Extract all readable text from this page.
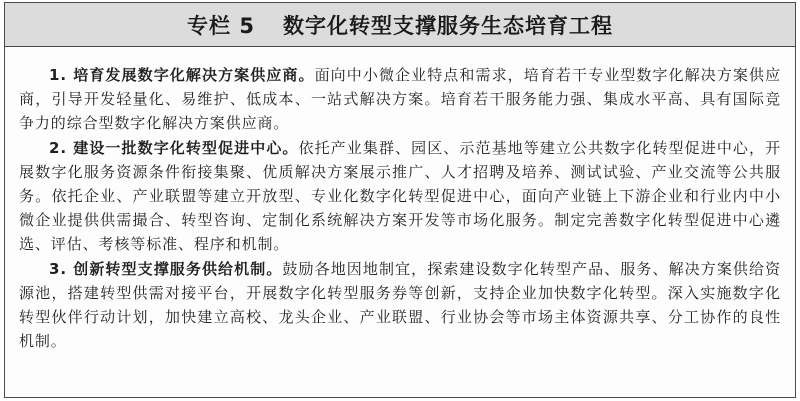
专栏 5 数字化转型支撑服务生态培育工程

1. 培育发展数字化解决方案供应商。面向中小微企业特点和需求，培育若干专业型数字化解决方案供应商，引导开发轻量化、易维护、低成本、一站式解决方案。培育若干服务能力强、集成水平高、具有国际竞争力的综合型数字化解决方案供应商。

2. 建设一批数字化转型促进中心。依托产业集群、园区、示范基地等建立公共数字化转型促进中心，开展数字化服务资源条件衔接集聚、优质解决方案展示推广、人才招聘及培养、测试试验、产业交流等公共服务。依托企业、产业联盟等建立开放型、专业化数字化转型促进中心，面向产业链上下游企业和行业内中小微企业提供供需撮合、转型咨询、定制化系统解决方案开发等市场化服务。制定完善数字化转型促进中心遴选、评估、考核等标准、程序和机制。

3. 创新转型支撑服务供给机制。鼓励各地因地制宜，探索建设数字化转型产品、服务、解决方案供给资源池，搭建转型供需对接平台，开展数字化转型服务券等创新，支持企业加快数字化转型。深入实施数字化转型伙伴行动计划，加快建立高校、龙头企业、产业联盟、行业协会等市场主体资源共享、分工协作的良性机制。
